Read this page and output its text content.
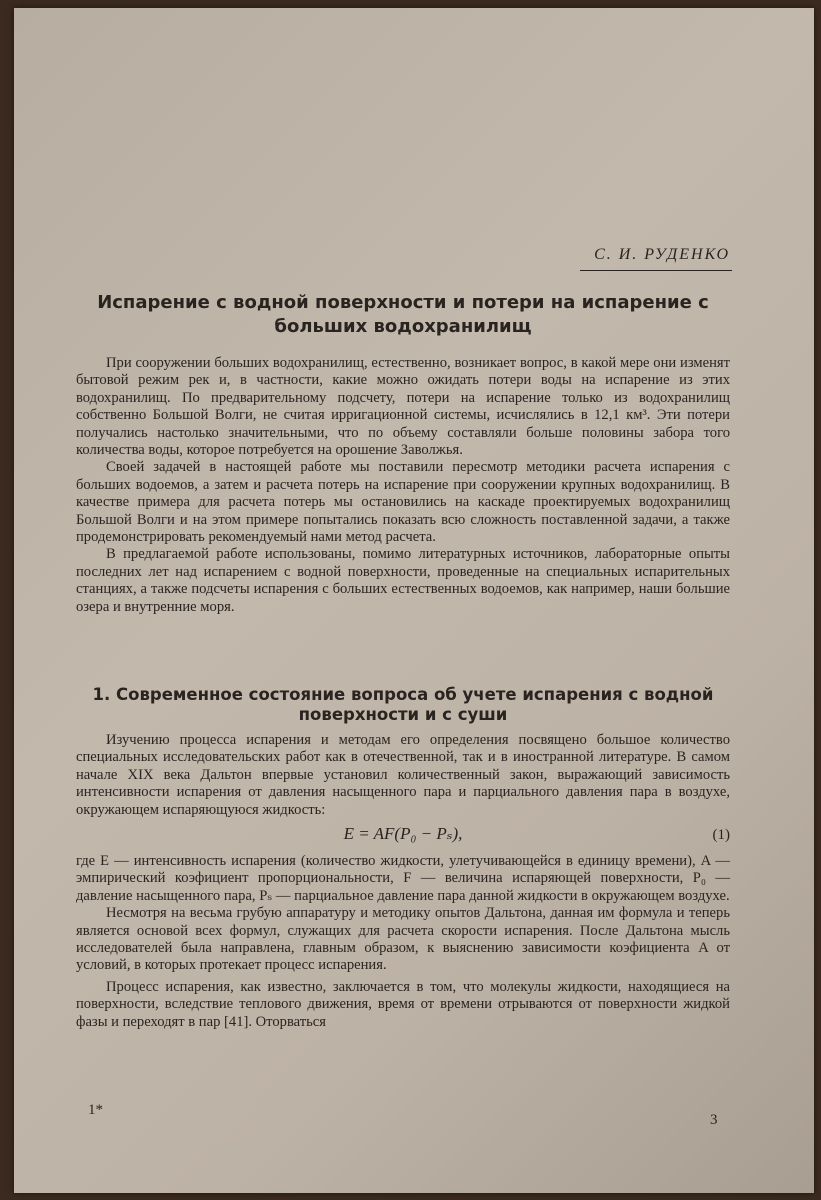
С. И. РУДЕНКО
Испарение с водной поверхности и потери на испарение с больших водохранилищ

При сооружении больших водохранилищ, естественно, возникает вопрос, в какой мере они изменят бытовой режим рек и, в частности, какие можно ожидать потери воды на испарение из этих водохранилищ. По предварительному подсчету, потери на испарение только из водохранилищ собственно Большой Волги, не считая ирригационной системы, исчислялись в 12,1 км³. Эти потери получались настолько значительными, что по объему составляли больше половины забора того количества воды, которое потребуется на орошение Заволжья.

Своей задачей в настоящей работе мы поставили пересмотр методики расчета испарения с больших водоемов, а затем и расчета потерь на испарение при сооружении крупных водохранилищ. В качестве примера для расчета потерь мы остановились на каскаде проектируемых водохранилищ Большой Волги и на этом примере попытались показать всю сложность поставленной задачи, а также продемонстрировать рекомендуемый нами метод расчета.

В предлагаемой работе использованы, помимо литературных источников, лабораторные опыты последних лет над испарением с водной поверхности, проведенные на специальных испарительных станциях, а также подсчеты испарения с больших естественных водоемов, как например, наши большие озера и внутренние моря.

1. Современное состояние вопроса об учете испарения с водной поверхности и с суши

Изучению процесса испарения и методам его определения посвящено большое количество специальных исследовательских работ как в отечественной, так и в иностранной литературе. В самом начале XIX века Дальтон впервые установил количественный закон, выражающий зависимость интенсивности испарения от давления насыщенного пара и парциального давления пара в воздухе, окружающем испаряющуюся жидкость:

E = AF(P₀ − Pₛ),	(1)

где E — интенсивность испарения (количество жидкости, улетучивающейся в единицу времени), A — эмпирический коэфициент пропорциональности, F — величина испаряющей поверхности, P₀ — давление насыщенного пара, Pₛ — парциальное давление пара данной жидкости в окружающем воздухе.

Несмотря на весьма грубую аппаратуру и методику опытов Дальтона, данная им формула и теперь является основой всех формул, служащих для расчета скорости испарения. После Дальтона мысль исследователей была направлена, главным образом, к выяснению зависимости коэфициента A от условий, в которых протекает процесс испарения.

Процесс испарения, как известно, заключается в том, что молекулы жидкости, находящиеся на поверхности, вследствие теплового движения, время от времени отрываются от поверхности жидкой фазы и переходят в пар [41]. Оторваться

1*
3
